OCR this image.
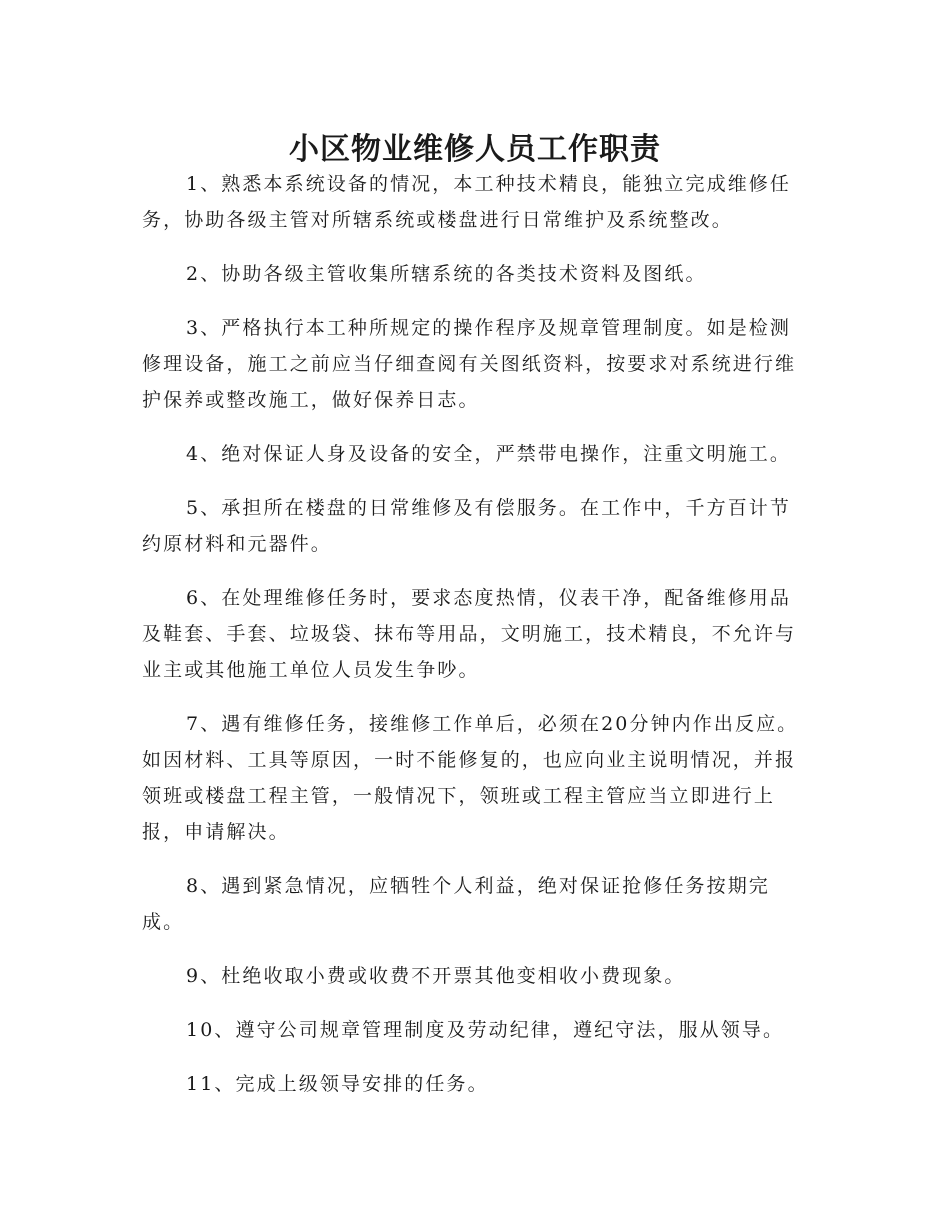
小区物业维修人员工作职责

1、熟悉本系统设备的情况，本工种技术精良，能独立完成维修任务，协助各级主管对所辖系统或楼盘进行日常维护及系统整改。

2、协助各级主管收集所辖系统的各类技术资料及图纸。

3、严格执行本工种所规定的操作程序及规章管理制度。如是检测修理设备，施工之前应当仔细查阅有关图纸资料，按要求对系统进行维护保养或整改施工，做好保养日志。

4、绝对保证人身及设备的安全，严禁带电操作，注重文明施工。

5、承担所在楼盘的日常维修及有偿服务。在工作中，千方百计节约原材料和元器件。

6、在处理维修任务时，要求态度热情，仪表干净，配备维修用品及鞋套、手套、垃圾袋、抹布等用品，文明施工，技术精良，不允许与业主或其他施工单位人员发生争吵。

7、遇有维修任务，接维修工作单后，必须在20分钟内作出反应。如因材料、工具等原因，一时不能修复的，也应向业主说明情况，并报领班或楼盘工程主管，一般情况下，领班或工程主管应当立即进行上报，申请解决。

8、遇到紧急情况，应牺牲个人利益，绝对保证抢修任务按期完成。

9、杜绝收取小费或收费不开票其他变相收小费现象。

10、遵守公司规章管理制度及劳动纪律，遵纪守法，服从领导。

11、完成上级领导安排的任务。
